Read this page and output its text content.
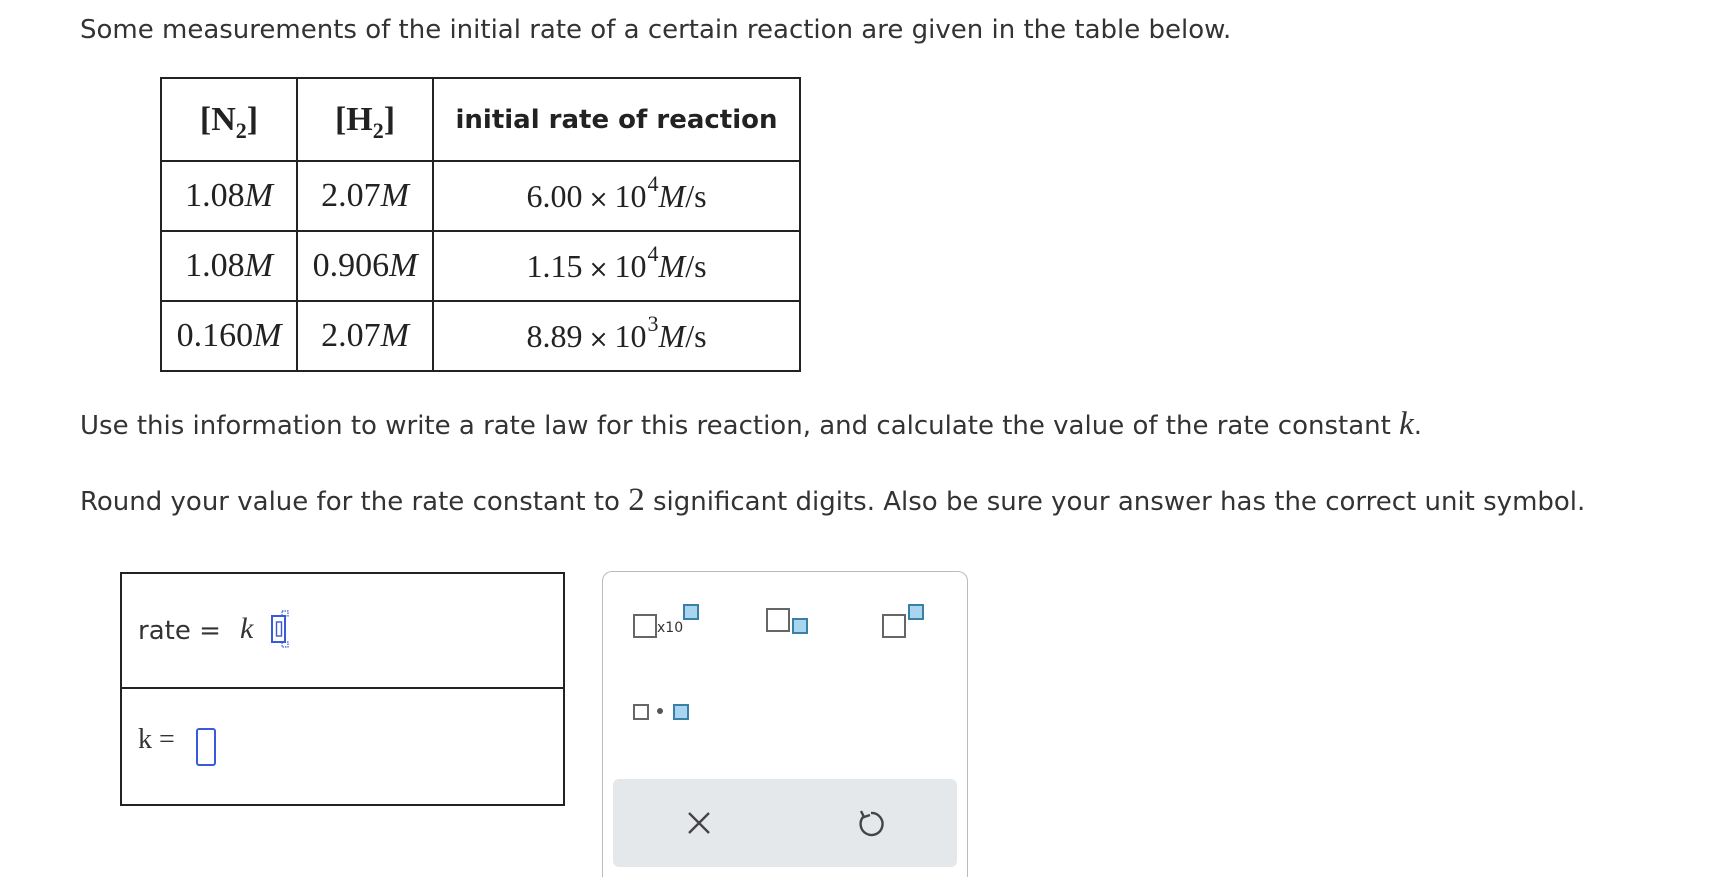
Some measurements of the initial rate of a certain reaction are given in the table below.
[N2]	[H2]	initial rate of reaction
1.08M	2.07M	$6.00 \times 10^4M/s$
1.08M	0.906M	$1.15 \times 10^4M/s$
0.160M	2.07M	$8.89 \times 10^3M/s$
Use this information to write a rate law for this reaction, and calculate the value of the rate constant k.
Round your value for the rate constant to 2 significant digits. Also be sure your answer has the correct unit symbol.
rate = k
k =
x10
